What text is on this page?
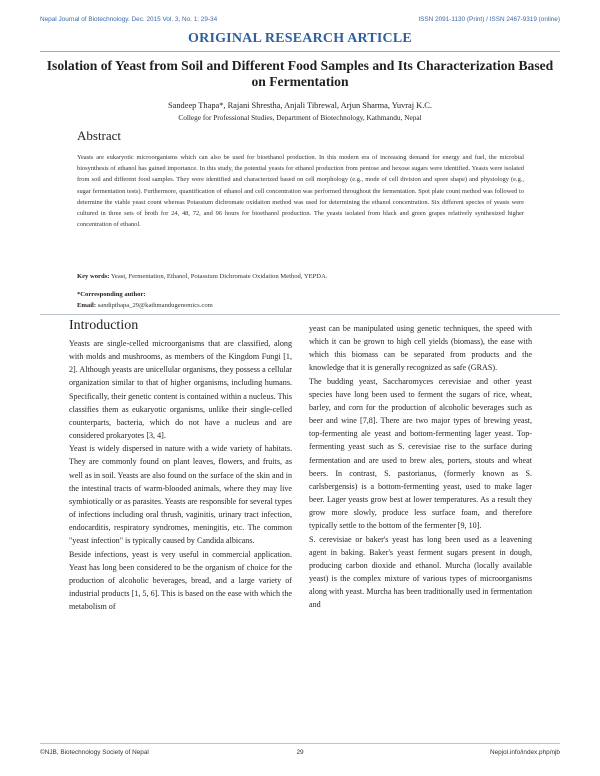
Nepal Journal of Biotechnology. Dec. 2015 Vol. 3, No. 1: 29-34	ISSN 2091-1130 (Print) / ISSN 2467-9319 (online)
ORIGINAL RESEARCH ARTICLE
Isolation of Yeast from Soil and Different Food Samples and Its Characterization Based on Fermentation
Sandeep Thapa*, Rajani Shrestha, Anjali Tibrewal, Arjun Sharma, Yuvraj K.C.
College for Professional Studies, Department of Biotechnology, Kathmandu, Nepal
Abstract
Yeasts are eukaryotic microorganisms which can also be used for bioethanol production. In this modern era of increasing demand for energy and fuel, the microbial biosynthesis of ethanol has gained importance. In this study, the potential yeasts for ethanol production from pentose and hexose sugars were identified. Yeasts were isolated from soil and different food samples. They were identified and characterized based on cell morphology (e.g., mode of cell division and spore shape) and physiology (e.g., sugar fermentation tests). Furthermore, quantification of ethanol and cell concentration was performed throughout the fermentation. Spot plate count method was followed to determine the viable yeast count whereas Potassium dichromate oxidation method was used for determining the ethanol concentration. Six different species of yeasts were cultured in three sets of broth for 24, 48, 72, and 96 hours for bioethanol production. The yeasts isolated from black and green grapes relatively synthesized higher concentration of ethanol.
Key words: Yeast, Fermentation, Ethanol, Potassium Dichromate Oxidation Method, YEPDA.
*Corresponding author:
Email: sandipthapa_29@kathmandugenomics.com
Introduction

Yeasts are single-celled microorganisms that are classified, along with molds and mushrooms, as members of the Kingdom Fungi [1, 2]. Although yeasts are unicellular organisms, they possess a cellular organization similar to that of higher organisms, including humans. Specifically, their genetic content is contained within a nucleus. This classifies them as eukaryotic organisms, unlike their single-celled counterparts, bacteria, which do not have a nucleus and are considered prokaryotes [3, 4].

Yeast is widely dispersed in nature with a wide variety of habitats. They are commonly found on plant leaves, flowers, and fruits, as well as in soil. Yeasts are also found on the surface of the skin and in the intestinal tracts of warm-blooded animals, where they may live symbiotically or as parasites. Yeasts are responsible for several types of infections including oral thrush, vaginitis, urinary tract infection, endocarditis, respiratory syndromes, meningitis, etc. The common "yeast infection" is typically caused by Candida albicans.

Beside infections, yeast is very useful in commercial application. Yeast has long been considered to be the organism of choice for the production of alcoholic beverages, bread, and a large variety of industrial products [1, 5, 6]. This is based on the ease with which the metabolism of

yeast can be manipulated using genetic techniques, the speed with which it can be grown to high cell yields (biomass), the ease with which this biomass can be separated from products and the knowledge that it is generally recognized as safe (GRAS).

The budding yeast, Saccharomyces cerevisiae and other yeast species have long been used to ferment the sugars of rice, wheat, barley, and corn for the production of alcoholic beverages such as beer and wine [7,8]. There are two major types of brewing yeast, top-fermenting ale yeast and bottom-fermenting lager yeast. Top-fermenting yeast such as S. cerevisiae rise to the surface during fermentation and are used to brew ales, porters, stouts and wheat beers. In contrast, S. pastorianus, (formerly known as S. carlsbergensis) is a bottom-fermenting yeast, used to make lager beer. Lager yeasts grow best at lower temperatures. As a result they grow more slowly, produce less surface foam, and therefore typically settle to the bottom of the fermenter [9, 10].

S. cerevisiae or baker's yeast has long been used as a leavening agent in baking. Baker's yeast ferment sugars present in dough, producing carbon dioxide and ethanol. Murcha (locally available yeast) is the complex mixture of various types of microorganisms along with yeast. Murcha has been traditionally used in fermentation and

©NJB, Biotechnology Society of Nepal	29	Nepjol.info/index.php/njb
